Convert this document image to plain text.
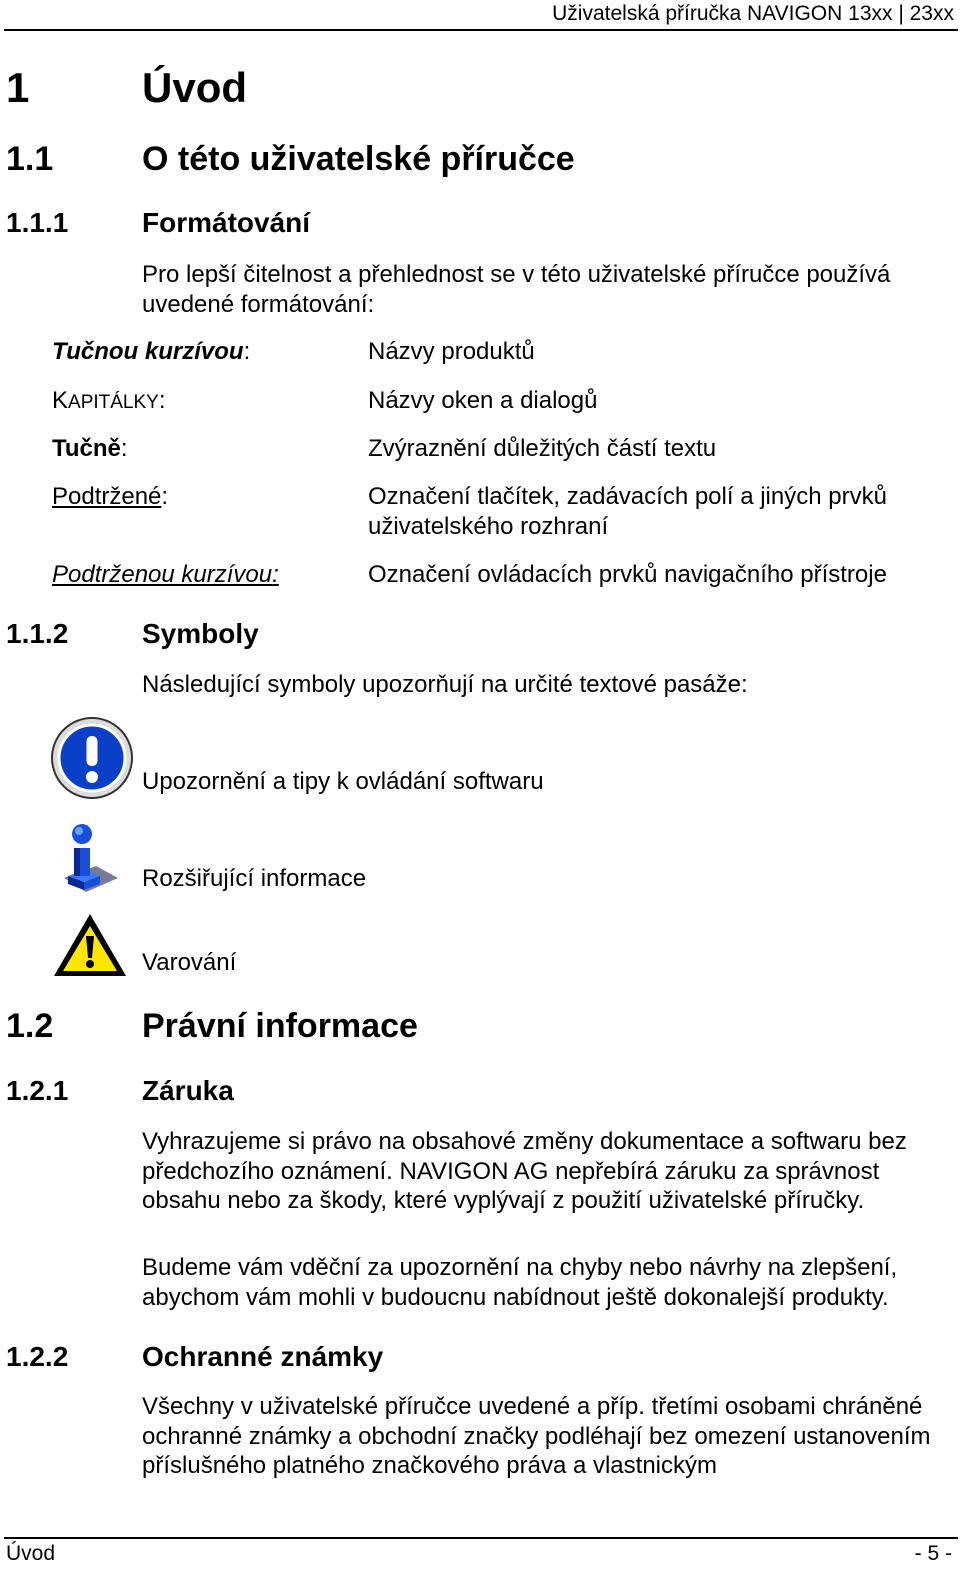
Uživatelská příručka NAVIGON 13xx | 23xx
1	Úvod
1.1	O této uživatelské příručce
1.1.1	Formátování
Pro lepší čitelnost a přehlednost se v této uživatelské příručce používá uvedené formátování:
Tučnou kurzívou:	Názvy produktů
KAPITÁLKY:	Názvy oken a dialogů
Tučně:	Zvýraznění důležitých částí textu
Podtržené:	Označení tlačítek, zadávacích polí a jiných prvků uživatelského rozhraní
Podtrženou kurzívou:	Označení ovládacích prvků navigačního přístroje
1.1.2	Symboly
Následující symboly upozorňují na určité textové pasáže:
Upozornění a tipy k ovládání softwaru
Rozšiřující informace
Varování
1.2	Právní informace
1.2.1	Záruka
Vyhrazujeme si právo na obsahové změny dokumentace a softwaru bez předchozího oznámení. NAVIGON AG nepřebírá záruku za správnost obsahu nebo za škody, které vyplývají z použití uživatelské příručky.
Budeme vám vděční za upozornění na chyby nebo návrhy na zlepšení, abychom vám mohli v budoucnu nabídnout ještě dokonalejší produkty.
1.2.2	Ochranné známky
Všechny v uživatelské příručce uvedené a příp. třetími osobami chráněné ochranné známky a obchodní značky podléhají bez omezení ustanovením příslušného platného značkového práva a vlastnickým
Úvod	- 5 -
